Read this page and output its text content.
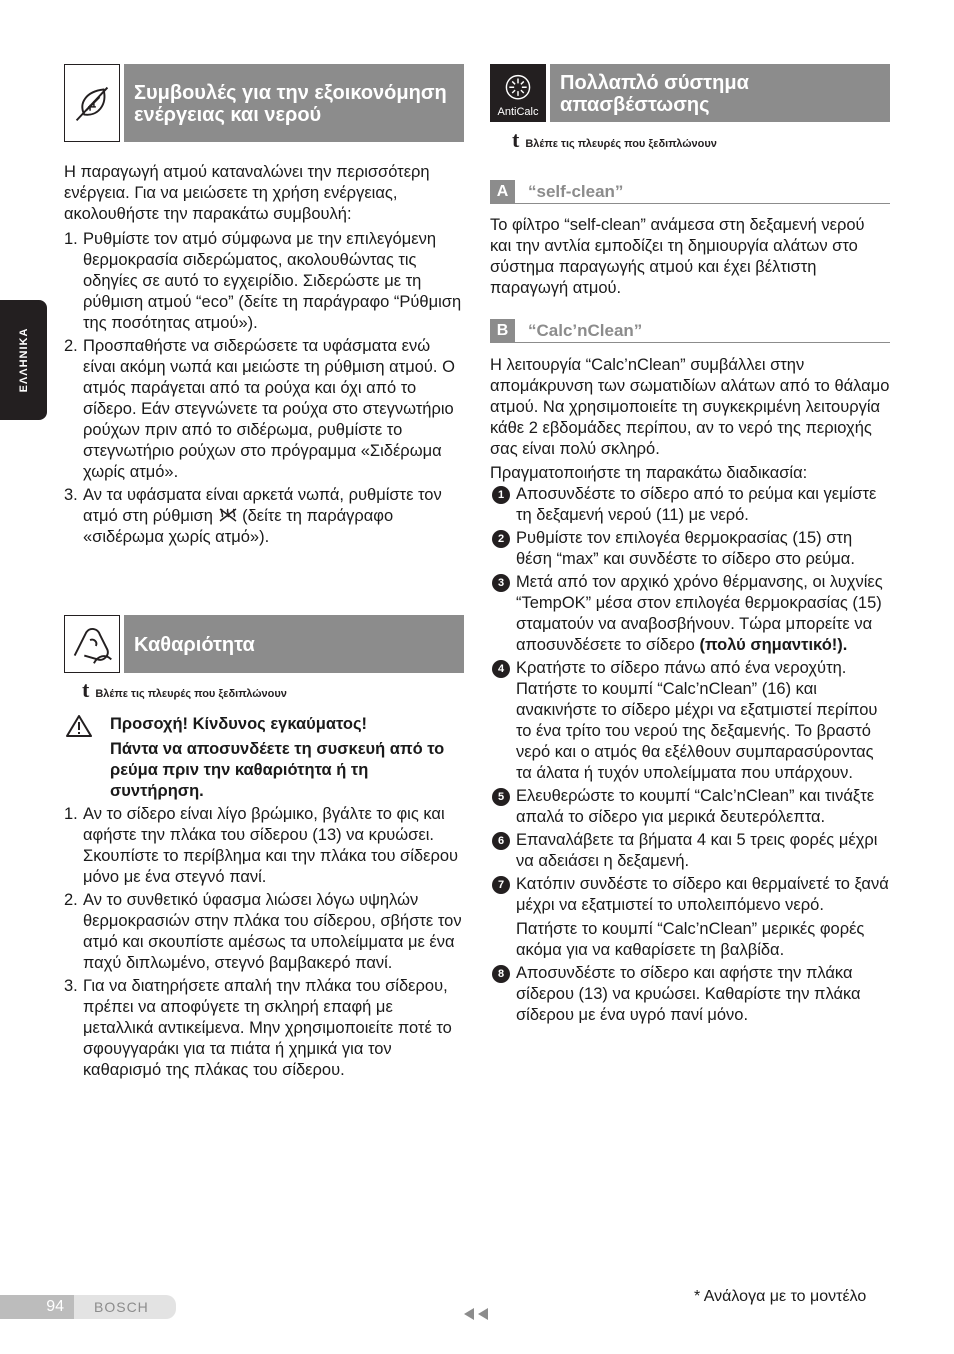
ΕΛΛΗΝΙΚΑ
Συμβουλές για την εξοικονόμηση ενέργειας και νερού

Η παραγωγή ατμού καταναλώνει την περισσότερη ενέργεια. Για να μειώσετε τη χρήση ενέργειας, ακολουθήστε την παρακάτω συμβουλή:

1. Ρυθμίστε τον ατμό σύμφωνα με την επιλεγόμενη θερμοκρασία σιδερώματος, ακολουθώντας τις οδηγίες σε αυτό το εγχειρίδιο. Σιδερώστε με τη ρύθμιση ατμού “eco” (δείτε τη παράγραφο “Ρύθμιση της ποσότητας ατμού»).
2. Προσπαθήστε να σιδερώσετε τα υφάσματα ενώ είναι ακόμη νωπά και μειώστε τη ρύθμιση ατμού. Ο ατμός παράγεται από τα ρούχα και όχι από το σίδερο. Εάν στεγνώνετε τα ρούχα στο στεγνωτήριο ρούχων πριν από το σιδέρωμα, ρυθμίστε το στεγνωτήριο ρούχων στο πρόγραμμα «Σιδέρωμα χωρίς ατμό».
3. Αν τα υφάσματα είναι αρκετά νωπά, ρυθμίστε τον ατμό στη ρύθμιση  (δείτε τη παράγραφο «σιδέρωμα χωρίς ατμό»).
Καθαριότητα
t Βλέπε τις πλευρές που ξεδιπλώνουν

Προσοχή! Κίνδυνος εγκαύματος!

Πάντα να αποσυνδέετε τη συσκευή από το ρεύμα πριν την καθαριότητα ή τη συντήρηση.

1. Αν το σίδερο είναι λίγο βρώμικο, βγάλτε το φις και αφήστε την πλάκα του σίδερου (13) να κρυώσει. Σκουπίστε το περίβλημα και την πλάκα του σίδερου μόνο με ένα στεγνό πανί.
2. Αν το συνθετικό ύφασμα λιώσει λόγω υψηλών θερμοκρασιών στην πλάκα του σίδερου, σβήστε τον ατμό και σκουπίστε αμέσως τα υπολείμματα με ένα παχύ διπλωμένο, στεγνό βαμβακερό πανί.
3. Για να διατηρήσετε απαλή την πλάκα του σίδερου, πρέπει να αποφύγετε τη σκληρή επαφή με μεταλλικά αντικείμενα. Μην χρησιμοποιείτε ποτέ το σφουγγαράκι για τα πιάτα ή χημικά για τον καθαρισμό της πλάκας του σίδερου.
AntiCalc
Πολλαπλό σύστημα απασβέστωσης
t Βλέπε τις πλευρές που ξεδιπλώνουν
A	“self-clean”

Το φίλτρο “self-clean” ανάμεσα στη δεξαμενή νερού και την αντλία εμποδίζει τη δημιουργία αλάτων στο σύστημα παραγωγής ατμού και έχει βέλτιστη παραγωγή ατμού.

B	“Calc’nClean”

Η λειτουργία “Calc’nClean” συμβάλλει στην απομάκρυνση των σωματιδίων αλάτων από το θάλαμο ατμού. Να χρησιμοποιείτε τη συγκεκριμένη λειτουργία κάθε 2 εβδομάδες περίπου, αν το νερό της περιοχής σας είναι πολύ σκληρό.

Πραγματοποιήστε τη παρακάτω διαδικασία:

1 Αποσυνδέστε το σίδερο από το ρεύμα και γεμίστε τη δεξαμενή νερού (11) με νερό.
2 Ρυθμίστε τον επιλογέα θερμοκρασίας (15) στη θέση “max” και συνδέστε το σίδερο στο ρεύμα.
3 Μετά από τον αρχικό χρόνο θέρμανσης, οι λυχνίες “TempOK” μέσα στον επιλογέα θερμοκρασίας (15) σταματούν να αναβοσβήνουν. Τώρα μπορείτε να αποσυνδέσετε το σίδερο (πολύ σημαντικό!).
4 Κρατήστε το σίδερο πάνω από ένα νεροχύτη. Πατήστε το κουμπί “Calc’nClean” (16) και ανακινήστε το σίδερο μέχρι να εξατμιστεί περίπου το ένα τρίτο του νερού της δεξαμενής. Το βραστό νερό και ο ατμός θα εξέλθουν συμπαρασύροντας τα άλατα ή τυχόν υπολείμματα που υπάρχουν.
5 Ελευθερώστε το κουμπί “Calc’nClean” και τινάξτε απαλά το σίδερο για μερικά δευτερόλεπτα.
6 Επαναλάβετε τα βήματα 4 και 5 τρεις φορές μέχρι να αδειάσει η δεξαμενή.
7 Κατόπιν συνδέστε το σίδερο και θερμαίνετέ το ξανά μέχρι να εξατμιστεί το υπολειπόμενο νερό.

Πατήστε το κουμπί “Calc’nClean” μερικές φορές ακόμα για να καθαρίσετε τη βαλβίδα.

8 Αποσυνδέστε το σίδερο και αφήστε την πλάκα σίδερου (13) να κρυώσει. Καθαρίστε την πλάκα σίδερου με ένα υγρό πανί μόνο.
94	BOSCH
* Ανάλογα με το μοντέλο
